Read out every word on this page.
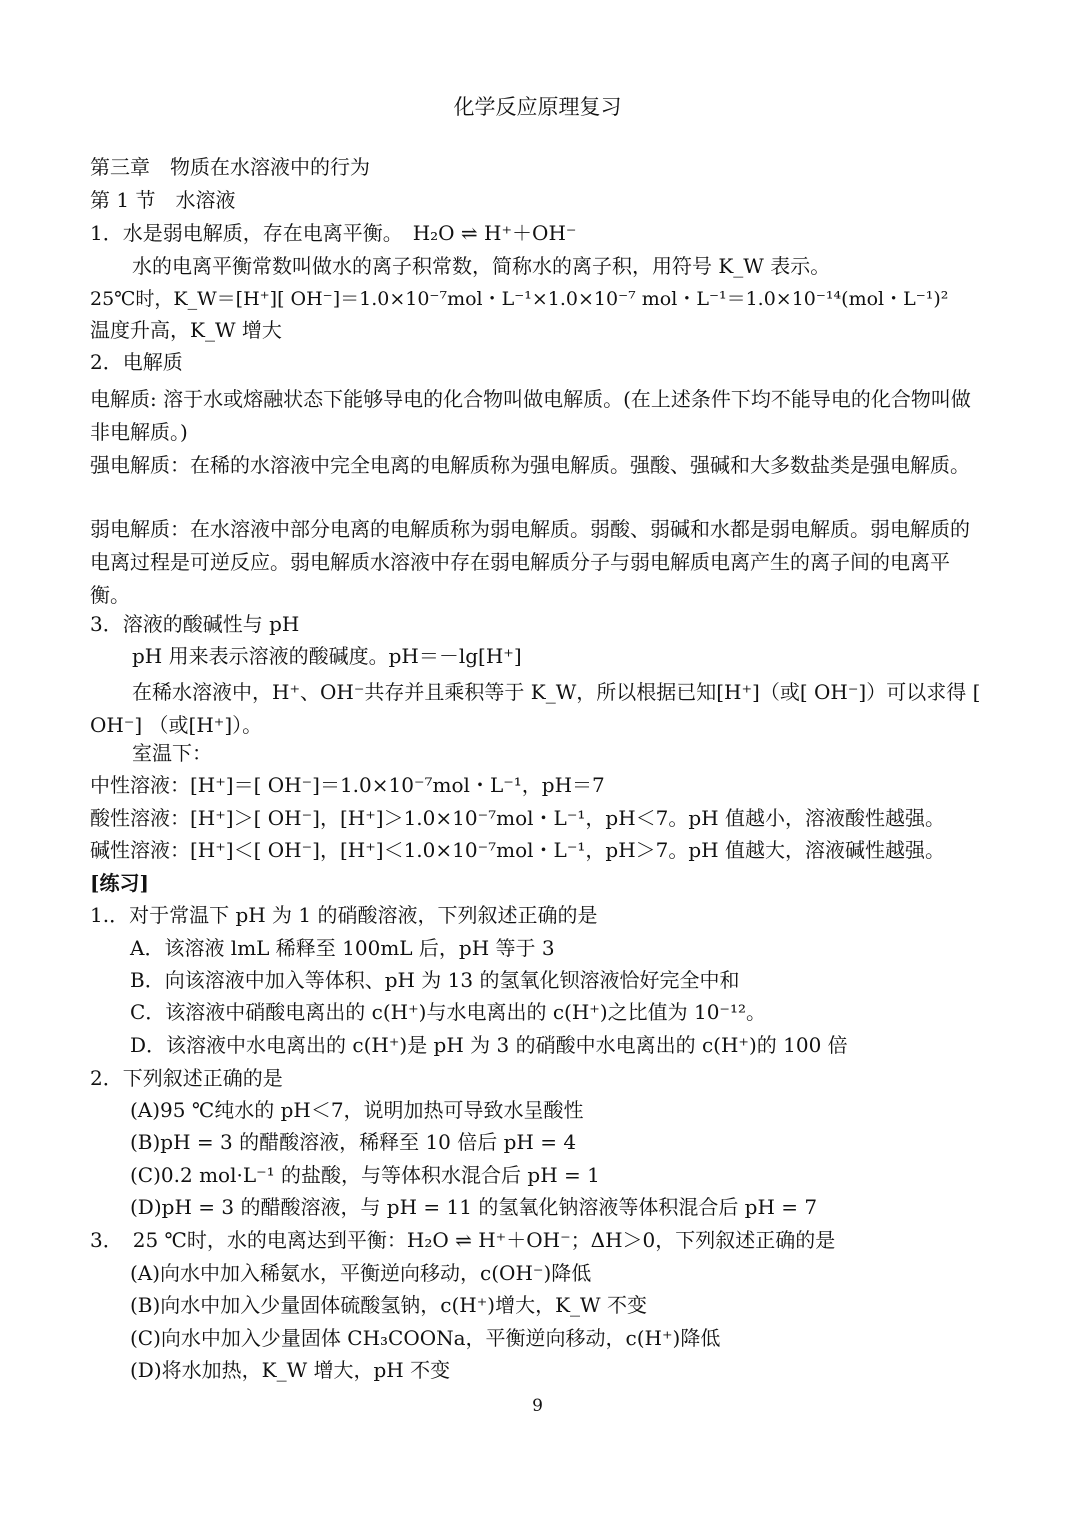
化学反应原理复习
第三章　物质在水溶液中的行为
第 1 节　水溶液
1．水是弱电解质，存在电离平衡。　H₂O ⇌ H⁺＋OH⁻
水的电离平衡常数叫做水的离子积常数，简称水的离子积，用符号 K_W 表示。
25℃时，K_W＝[H⁺][ OH⁻]＝1.0×10⁻⁷mol・L⁻¹×1.0×10⁻⁷ mol・L⁻¹＝1.0×10⁻¹⁴(mol・L⁻¹)²
温度升高，K_W 增大
2．电解质
电解质: 溶于水或熔融状态下能够导电的化合物叫做电解质。(在上述条件下均不能导电的化合物叫做非电解质。)
强电解质：在稀的水溶液中完全电离的电解质称为强电解质。强酸、强碱和大多数盐类是强电解质。
弱电解质：在水溶液中部分电离的电解质称为弱电解质。弱酸、弱碱和水都是弱电解质。弱电解质的电离过程是可逆反应。弱电解质水溶液中存在弱电解质分子与弱电解质电离产生的离子间的电离平衡。
3．溶液的酸碱性与 pH
pH 用来表示溶液的酸碱度。pH＝－lg[H⁺]
在稀水溶液中，H⁺、OH⁻共存并且乘积等于 K_W，所以根据已知[H⁺]（或[ OH⁻]）可以求得 [ OH⁻] （或[H⁺]）。
室温下：
中性溶液：[H⁺]＝[ OH⁻]＝1.0×10⁻⁷mol・L⁻¹，pH＝7
酸性溶液：[H⁺]＞[ OH⁻]，[H⁺]＞1.0×10⁻⁷mol・L⁻¹，pH＜7。pH 值越小，溶液酸性越强。
碱性溶液：[H⁺]＜[ OH⁻]，[H⁺]＜1.0×10⁻⁷mol・L⁻¹，pH＞7。pH 值越大，溶液碱性越强。
[练习]
1.．对于常温下 pH 为 1 的硝酸溶液，下列叙述正确的是
A．该溶液 lmL 稀释至 100mL 后，pH 等于 3
B．向该溶液中加入等体积、pH 为 13 的氢氧化钡溶液恰好完全中和
C．该溶液中硝酸电离出的 c(H⁺)与水电离出的 c(H⁺)之比值为 10⁻¹²。
D．该溶液中水电离出的 c(H⁺)是 pH 为 3 的硝酸中水电离出的 c(H⁺)的 100 倍
2．下列叙述正确的是
(A)95 ℃纯水的 pH＜7，说明加热可导致水呈酸性
(B)pH = 3 的醋酸溶液，稀释至 10 倍后 pH = 4
(C)0.2 mol·L⁻¹ 的盐酸，与等体积水混合后 pH = 1
(D)pH = 3 的醋酸溶液，与 pH = 11 的氢氧化钠溶液等体积混合后 pH = 7
3．　25 ℃时，水的电离达到平衡：H₂O ⇌ H⁺＋OH⁻；ΔH＞0，下列叙述正确的是
(A)向水中加入稀氨水，平衡逆向移动，c(OH⁻)降低
(B)向水中加入少量固体硫酸氢钠，c(H⁺)增大，K_W 不变
(C)向水中加入少量固体 CH₃COONa，平衡逆向移动，c(H⁺)降低
(D)将水加热，K_W 增大，pH 不变
9
